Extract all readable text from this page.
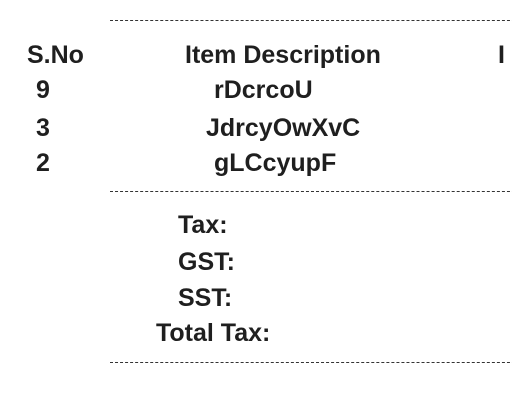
S.No	Item Description	I
9	rDcrcoU
3	JdrcyOwXvC
2	gLCcyupF
Tax:
GST:
SST:
Total Tax:
